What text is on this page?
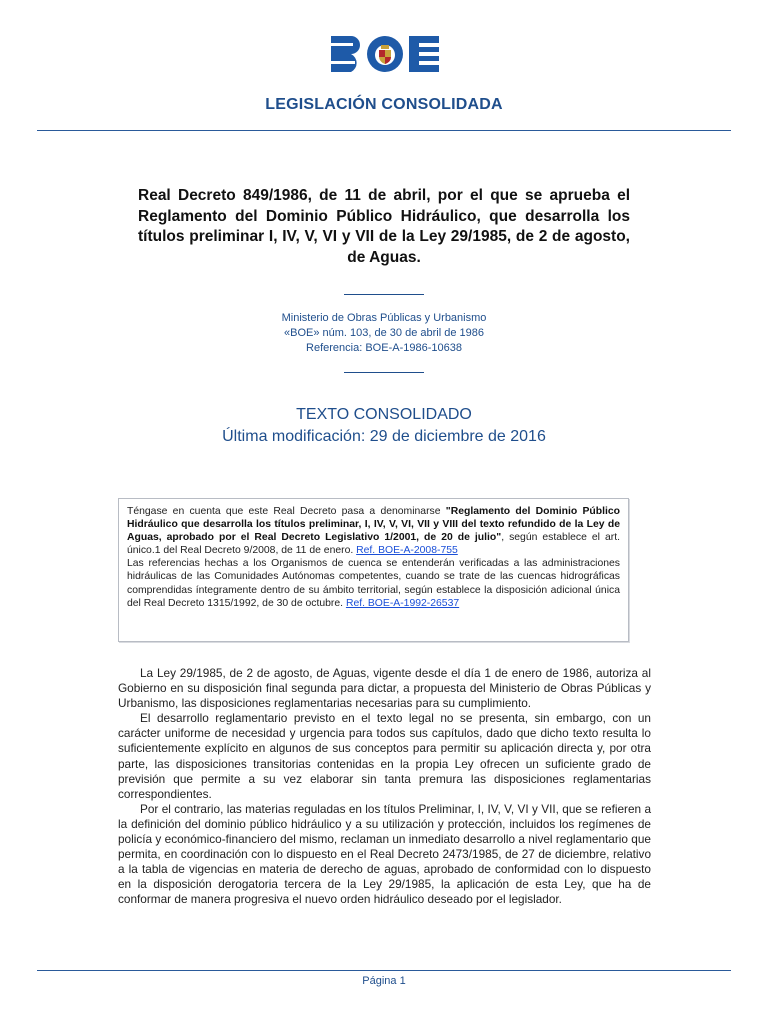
LEGISLACIÓN CONSOLIDADA
Real Decreto 849/1986, de 11 de abril, por el que se aprueba el Reglamento del Dominio Público Hidráulico, que desarrolla los títulos preliminar I, IV, V, VI y VII de la Ley 29/1985, de 2 de agosto, de Aguas.
Ministerio de Obras Públicas y Urbanismo
«BOE» núm. 103, de 30 de abril de 1986
Referencia: BOE-A-1986-10638
TEXTO CONSOLIDADO
Última modificación: 29 de diciembre de 2016

Téngase en cuenta que este Real Decreto pasa a denominarse "Reglamento del Dominio Público Hidráulico que desarrolla los títulos preliminar, I, IV, V, VI, VII y VIII del texto refundido de la Ley de Aguas, aprobado por el Real Decreto Legislativo 1/2001, de 20 de julio", según establece el art. único.1 del Real Decreto 9/2008, de 11 de enero. Ref. BOE-A-2008-755

Las referencias hechas a los Organismos de cuenca se entenderán verificadas a las administraciones hidráulicas de las Comunidades Autónomas competentes, cuando se trate de las cuencas hidrográficas comprendidas íntegramente dentro de su ámbito territorial, según establece la disposición adicional única del Real Decreto 1315/1992, de 30 de octubre. Ref. BOE-A-1992-26537

La Ley 29/1985, de 2 de agosto, de Aguas, vigente desde el día 1 de enero de 1986, autoriza al Gobierno en su disposición final segunda para dictar, a propuesta del Ministerio de Obras Públicas y Urbanismo, las disposiciones reglamentarias necesarias para su cumplimiento.

El desarrollo reglamentario previsto en el texto legal no se presenta, sin embargo, con un carácter uniforme de necesidad y urgencia para todos sus capítulos, dado que dicho texto resulta lo suficientemente explícito en algunos de sus conceptos para permitir su aplicación directa y, por otra parte, las disposiciones transitorias contenidas en la propia Ley ofrecen un suficiente grado de previsión que permite a su vez elaborar sin tanta premura las disposiciones reglamentarias correspondientes.

Por el contrario, las materias reguladas en los títulos Preliminar, I, IV, V, VI y VII, que se refieren a la definición del dominio público hidráulico y a su utilización y protección, incluidos los regímenes de policía y económico-financiero del mismo, reclaman un inmediato desarrollo a nivel reglamentario que permita, en coordinación con lo dispuesto en el Real Decreto 2473/1985, de 27 de diciembre, relativo a la tabla de vigencias en materia de derecho de aguas, aprobado de conformidad con lo dispuesto en la disposición derogatoria tercera de la Ley 29/1985, la aplicación de esta Ley, que ha de conformar de manera progresiva el nuevo orden hidráulico deseado por el legislador.

Página 1
